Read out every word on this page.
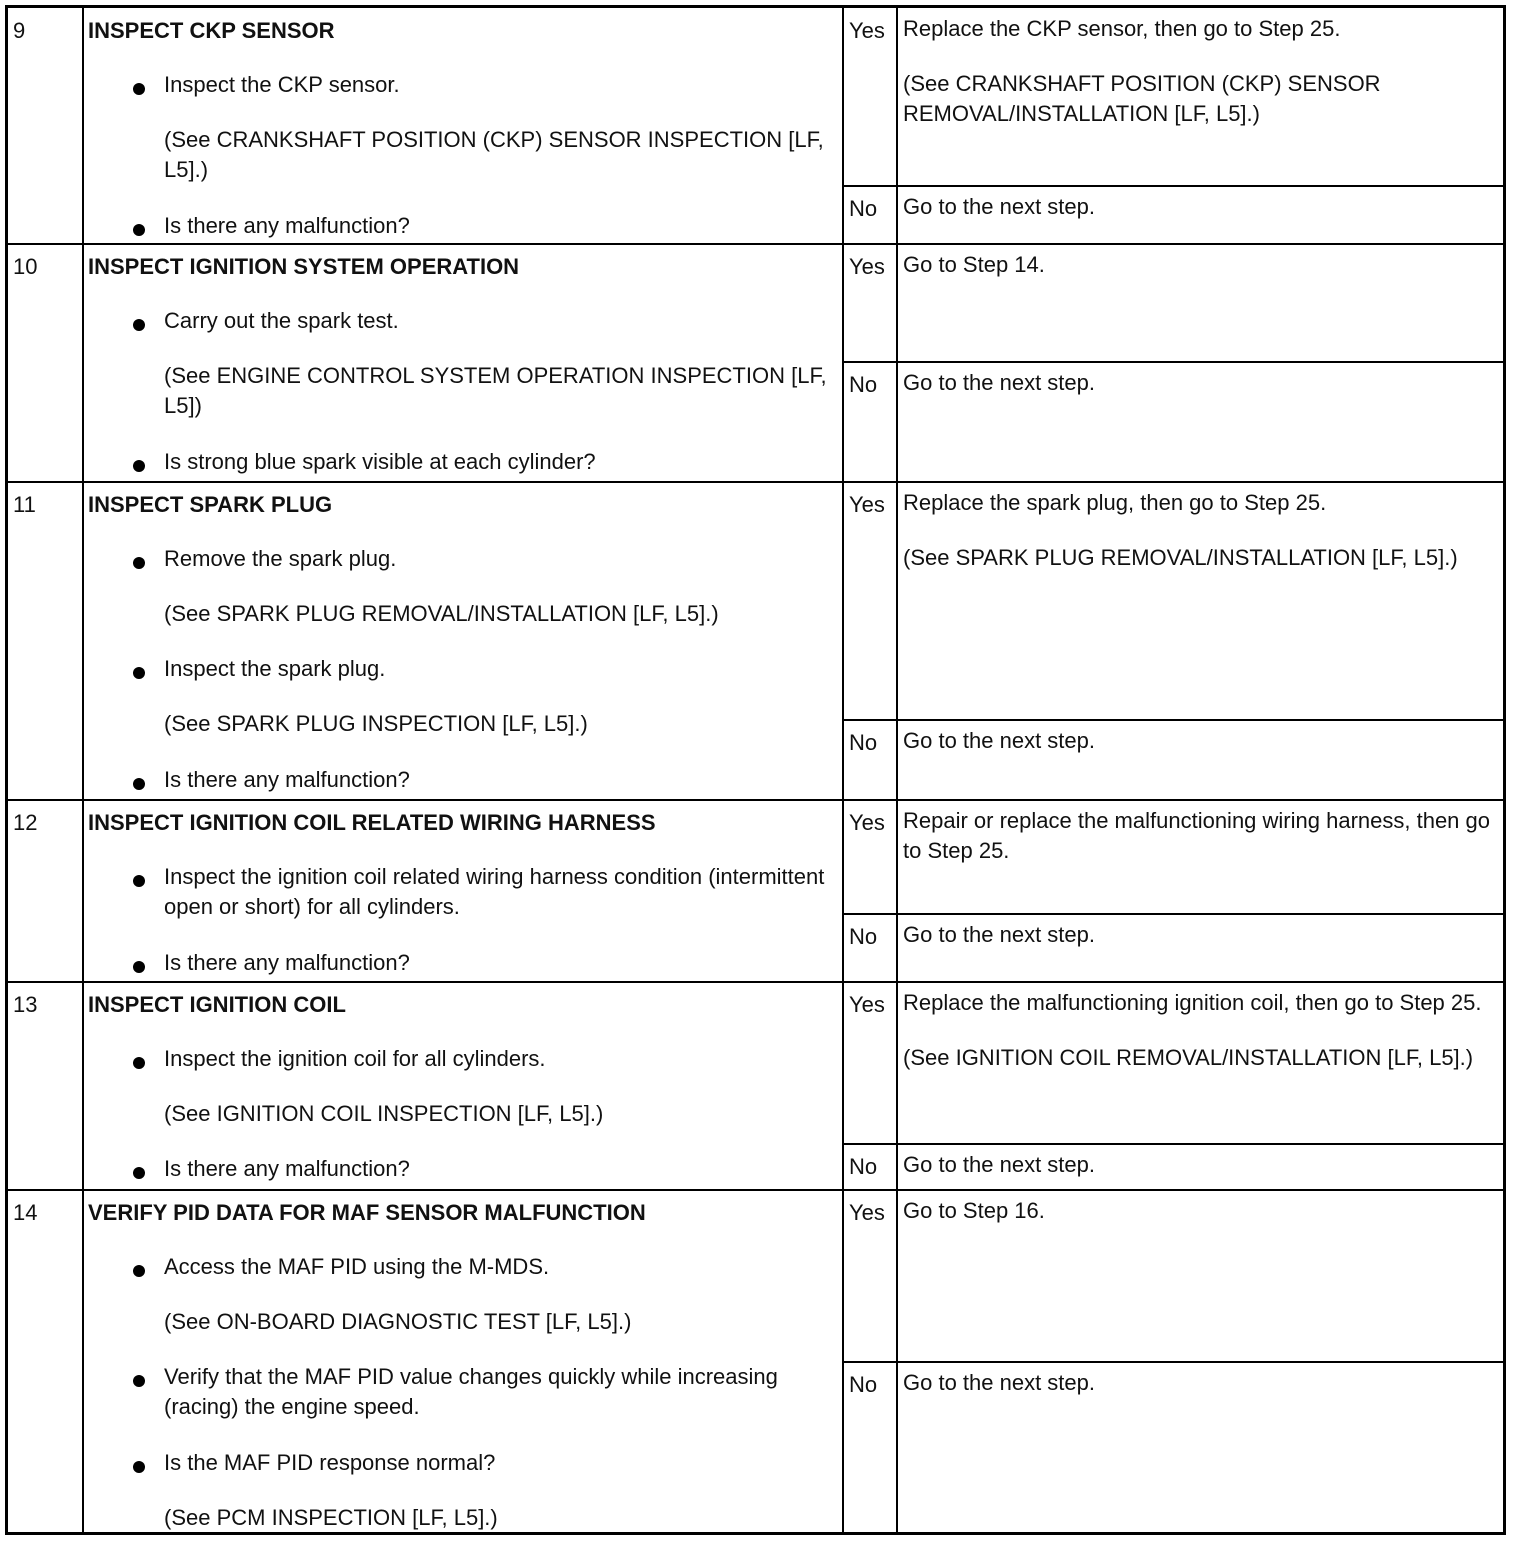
9	INSPECT CKP SENSOR
Inspect the CKP sensor.
(See CRANKSHAFT POSITION (CKP) SENSOR INSPECTION [LF, L5].)
Is there any malfunction?
Yes Replace the CKP sensor, then go to Step 25.

(See CRANKSHAFT POSITION (CKP) SENSOR REMOVAL/INSTALLATION [LF, L5].)

No Go to the next step.

10 INSPECT IGNITION SYSTEM OPERATION
Carry out the spark test.
(See ENGINE CONTROL SYSTEM OPERATION INSPECTION [LF, L5])
Is strong blue spark visible at each cylinder?
Yes Go to Step 14.

No Go to the next step.

11 INSPECT SPARK PLUG
Remove the spark plug.
(See SPARK PLUG REMOVAL/INSTALLATION [LF, L5].)
Inspect the spark plug.
(See SPARK PLUG INSPECTION [LF, L5].)
Is there any malfunction?
Yes Replace the spark plug, then go to Step 25.

(See SPARK PLUG REMOVAL/INSTALLATION [LF, L5].)

No Go to the next step.

12 INSPECT IGNITION COIL RELATED WIRING HARNESS
Inspect the ignition coil related wiring harness condition (intermittent open or short) for all cylinders.
Is there any malfunction?
Yes Repair or replace the malfunctioning wiring harness, then go to Step 25.

No Go to the next step.

13 INSPECT IGNITION COIL
Inspect the ignition coil for all cylinders.
(See IGNITION COIL INSPECTION [LF, L5].)
Is there any malfunction?
Yes Replace the malfunctioning ignition coil, then go to Step 25.

(See IGNITION COIL REMOVAL/INSTALLATION [LF, L5].)

No Go to the next step.

14 VERIFY PID DATA FOR MAF SENSOR MALFUNCTION
Access the MAF PID using the M-MDS.
(See ON-BOARD DIAGNOSTIC TEST [LF, L5].)
Verify that the MAF PID value changes quickly while increasing (racing) the engine speed.
Is the MAF PID response normal?
(See PCM INSPECTION [LF, L5].)
Yes Go to Step 16.

No Go to the next step.
